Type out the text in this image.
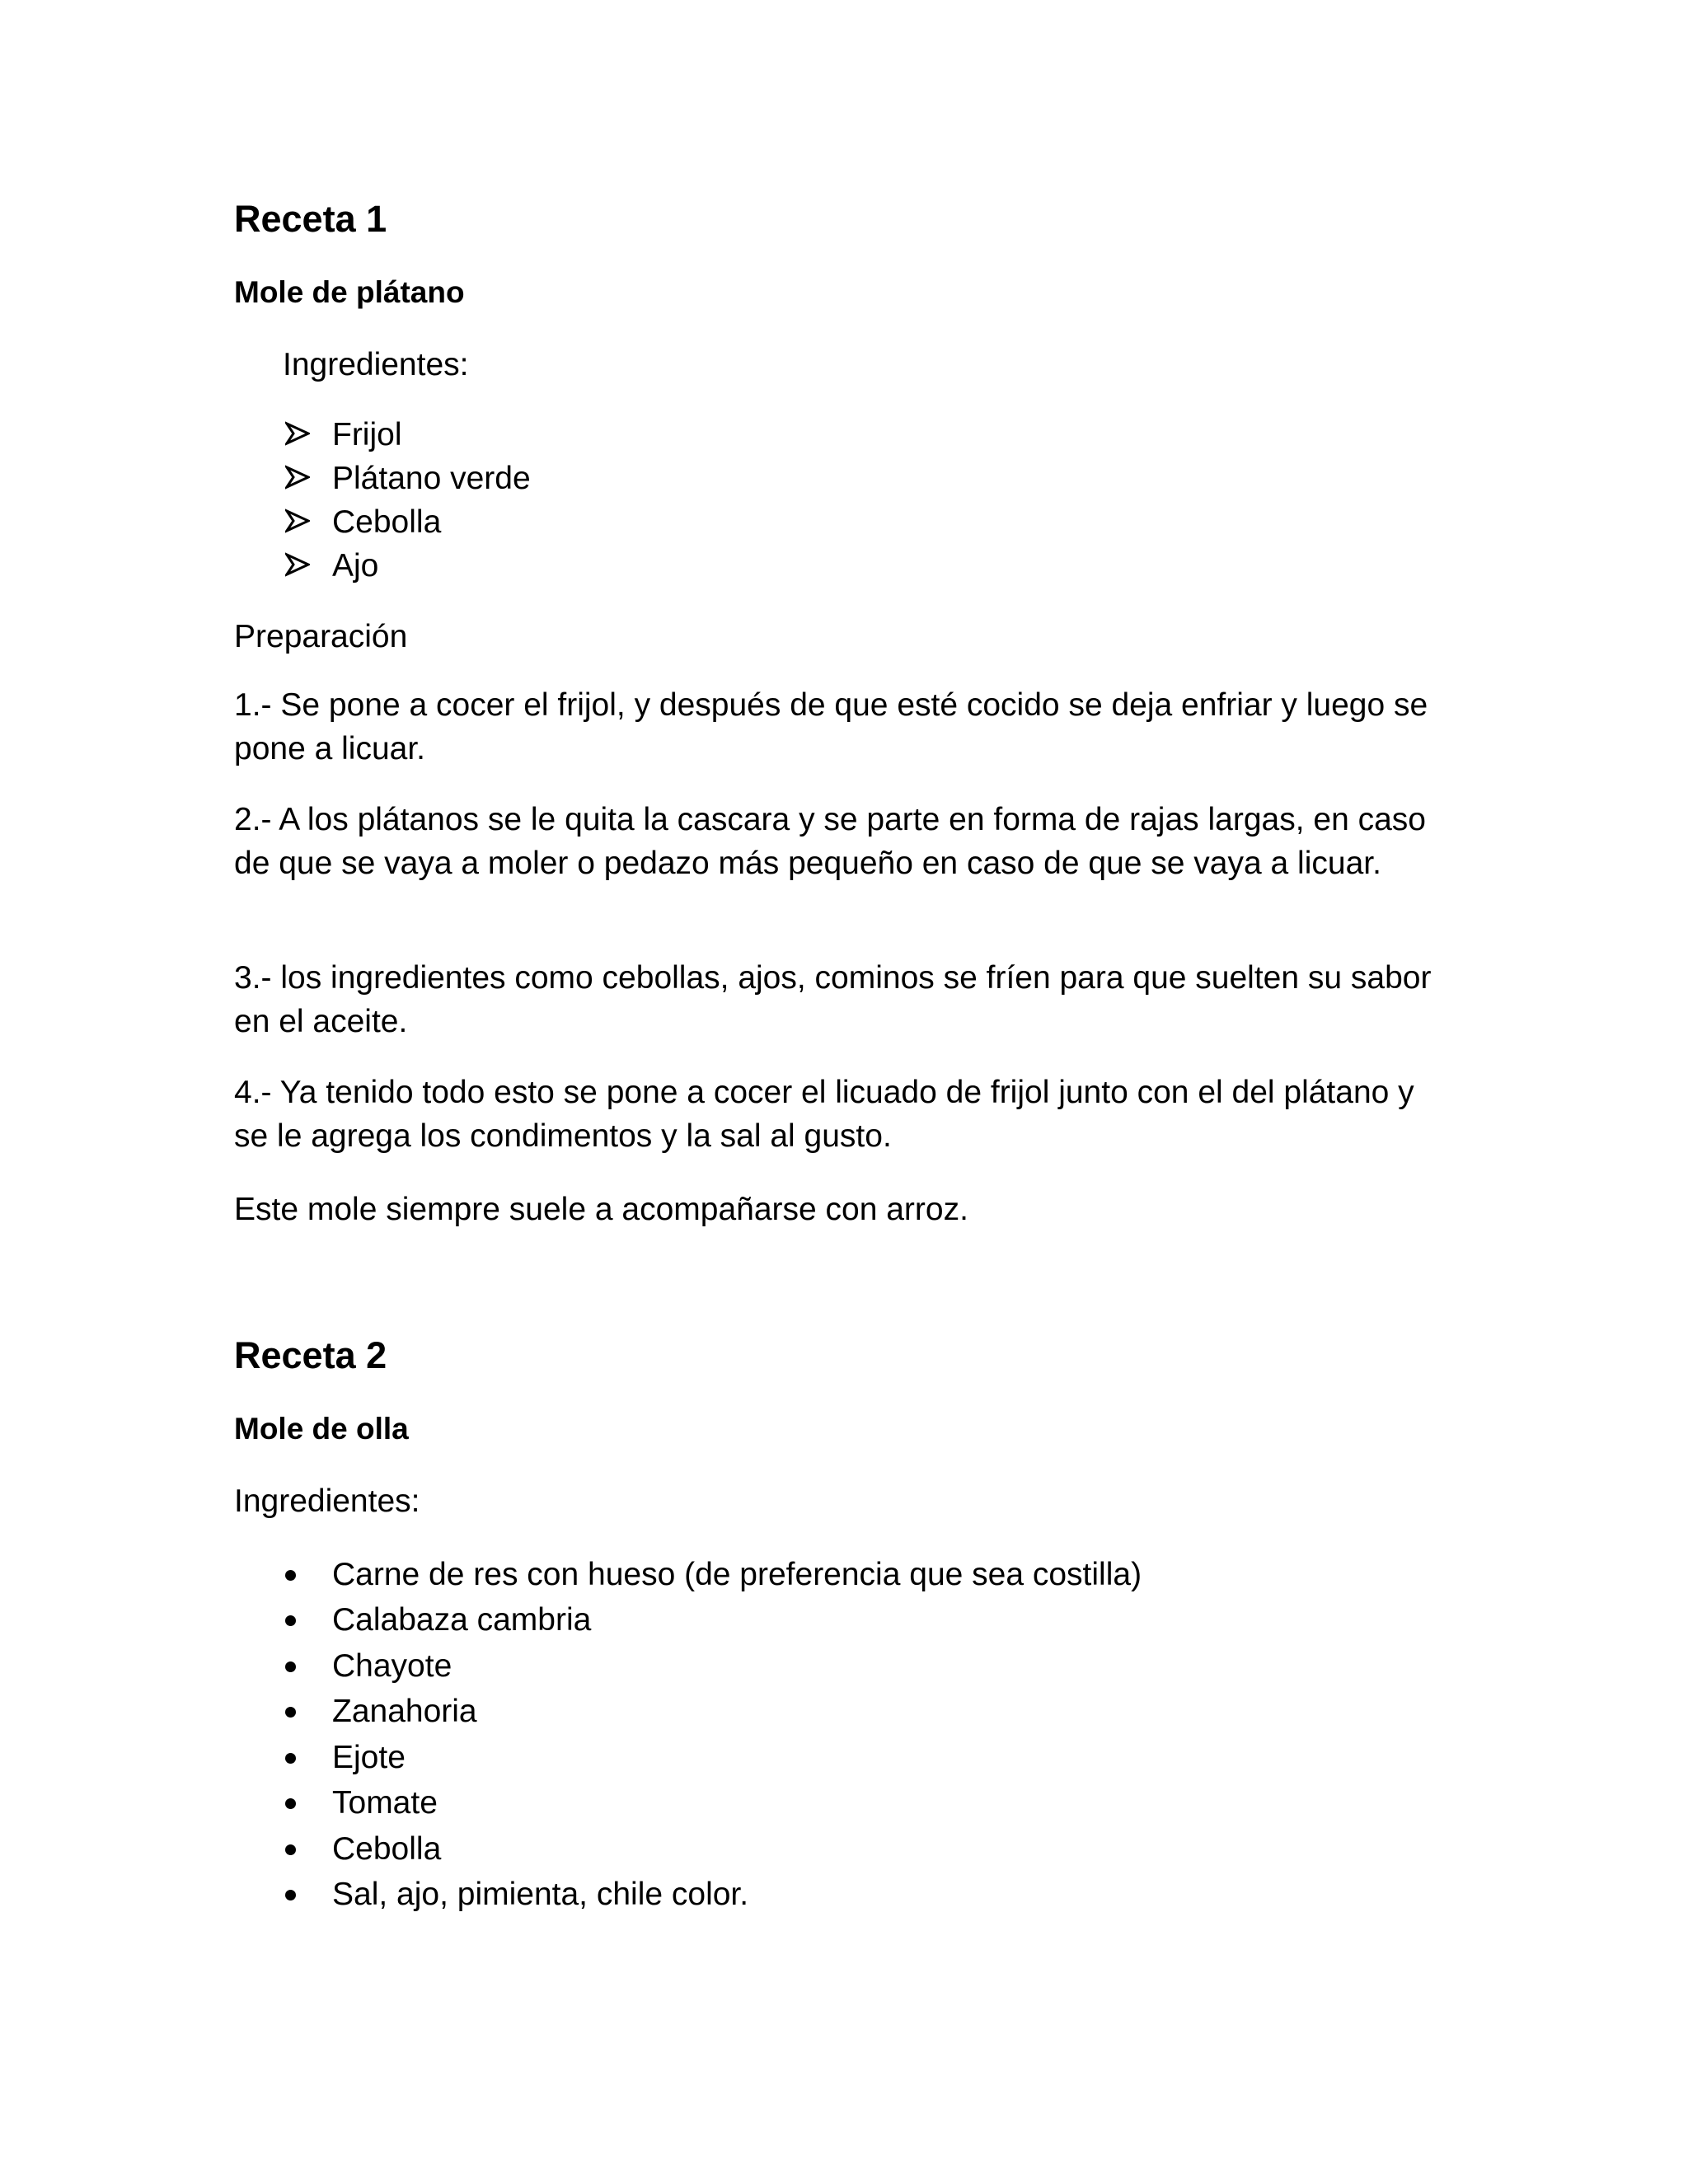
Receta 1
Mole de plátano
Ingredientes:
Frijol
Plátano verde
Cebolla
Ajo
Preparación

1.- Se pone a cocer el frijol, y después de que esté cocido se deja enfriar y luego se pone a licuar.

2.- A los plátanos se le quita la cascara y se parte en forma de rajas largas, en caso de que se vaya a moler o pedazo más pequeño en caso de que se vaya a licuar.

3.- los ingredientes como cebollas, ajos, cominos se fríen para que suelten su sabor en el aceite.

4.- Ya tenido todo esto se pone a cocer el licuado de frijol junto con el del plátano y se le agrega los condimentos y la sal al gusto.

Este mole siempre suele a acompañarse con arroz.
Receta 2
Mole de olla
Ingredientes:
Carne de res con hueso (de preferencia que sea costilla)
Calabaza cambria
Chayote
Zanahoria
Ejote
Tomate
Cebolla
Sal, ajo, pimienta, chile color.
